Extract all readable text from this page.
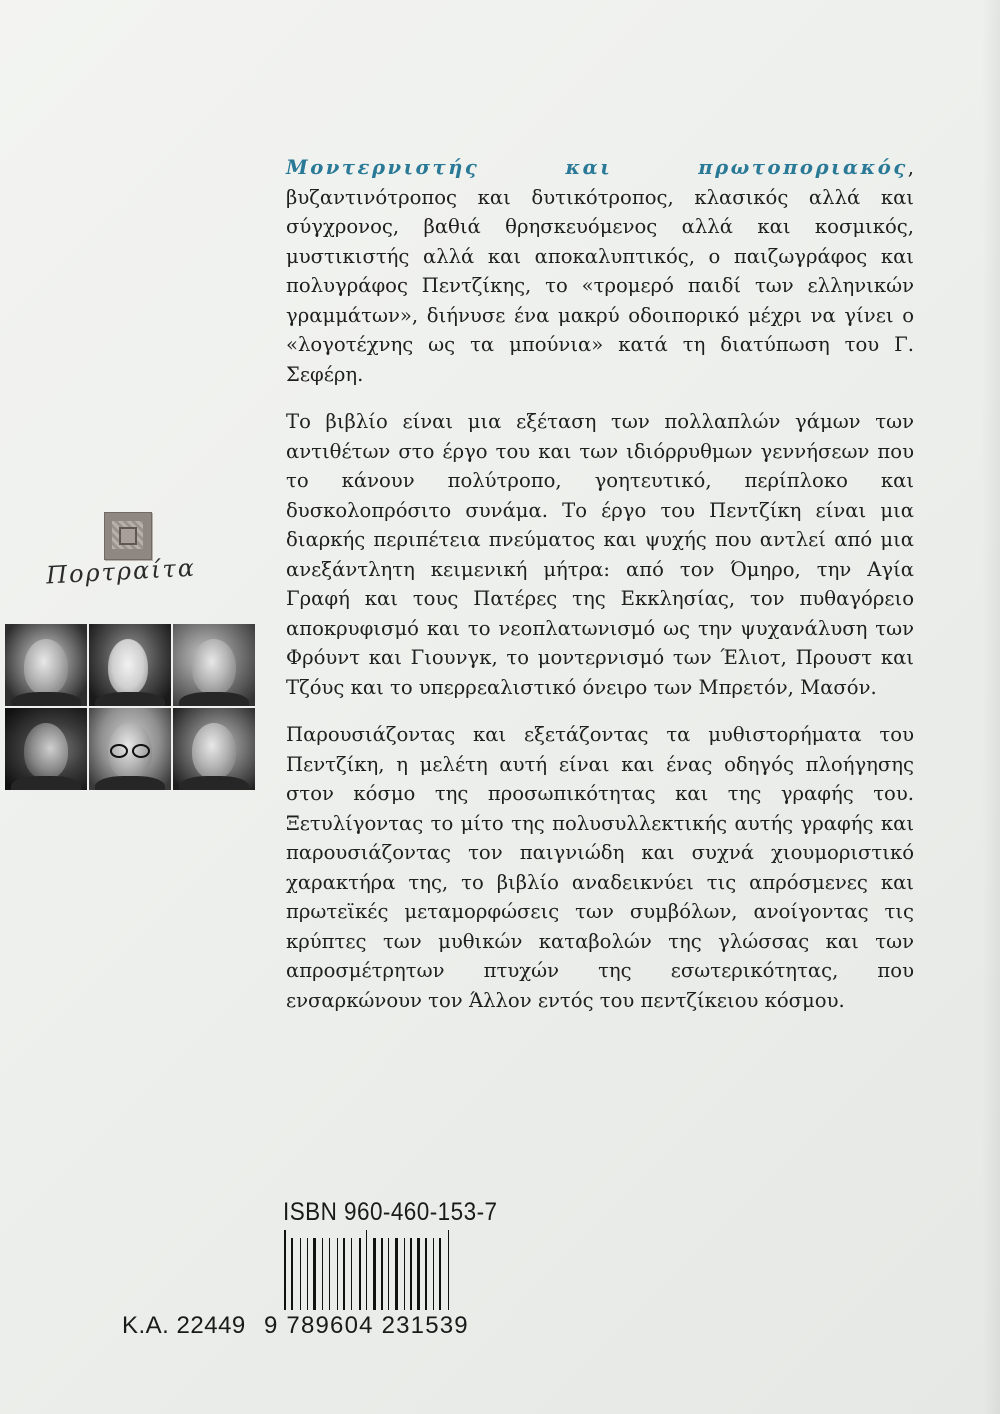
Μοντερνιστής και πρωτοποριακός, βυζαντινότροπος και δυτικότροπος, κλασικός αλλά και σύγχρονος, βαθιά θρησκευόμενος αλλά και κοσμικός, μυστικιστής αλλά και αποκαλυπτικός, ο παιζωγράφος και πολυγράφος Πεντζίκης, το «τρομερό παιδί των ελληνικών γραμμάτων», διήνυσε ένα μακρύ οδοιπορικό μέχρι να γίνει ο «λογοτέχνης ως τα μπούνια» κατά τη διατύπωση του Γ. Σεφέρη.

Το βιβλίο είναι μια εξέταση των πολλαπλών γάμων των αντιθέτων στο έργο του και των ιδιόρρυθμων γεννήσεων που το κάνουν πολύτροπο, γοητευτικό, περίπλοκο και δυσκολοπρόσιτο συνάμα. Το έργο του Πεντζίκη είναι μια διαρκής περιπέτεια πνεύματος και ψυχής που αντλεί από μια ανεξάντλητη κειμενική μήτρα: από τον Όμηρο, την Αγία Γραφή και τους Πατέρες της Εκκλησίας, τον πυθαγόρειο αποκρυφισμό και το νεοπλατωνισμό ως την ψυχανάλυση των Φρόυντ και Γιουνγκ, το μοντερνισμό των Έλιοτ, Προυστ και Τζόυς και το υπερρεαλιστικό όνειρο των Μπρετόν, Μασόν.

Παρουσιάζοντας και εξετάζοντας τα μυθιστορήματα του Πεντζίκη, η μελέτη αυτή είναι και ένας οδηγός πλοήγησης στον κόσμο της προσωπικότητας και της γραφής του. Ξετυλίγοντας το μίτο της πολυσυλλεκτικής αυτής γραφής και παρουσιάζοντας τον παιγνιώδη και συχνά χιουμοριστικό χαρακτήρα της, το βιβλίο αναδεικνύει τις απρόσμενες και πρωτεϊκές μεταμορφώσεις των συμβόλων, ανοίγοντας τις κρύπτες των μυθικών καταβολών της γλώσσας και των απροσμέτρητων πτυχών της εσωτερικότητας, που ενσαρκώνουν τον Άλλον εντός του πεντζίκειου κόσμου.

Πορτραίτα
ISBN 960-460-153-7
9 789604 231539
Κ.Α. 22449
